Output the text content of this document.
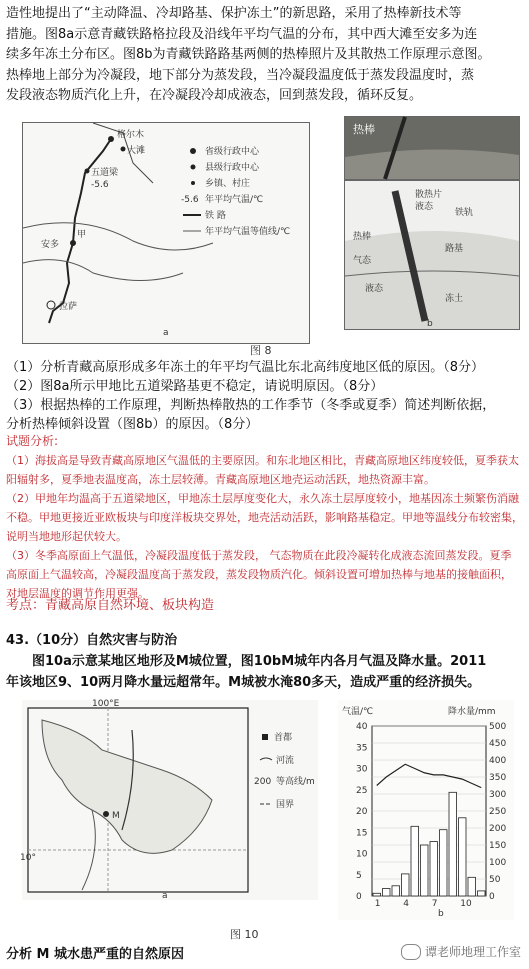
造性地提出了“主动降温、冷却路基、保护冻土”的新思路，采用了热棒新技术等
措施。图8a示意青藏铁路格拉段及沿线年平均气温的分布，其中西大滩至安多为连
续多年冻土分布区。图8b为青藏铁路路基两侧的热棒照片及其散热工作原理示意图。
热棒地上部分为冷凝段，地下部分为蒸发段，当冷凝段温度低于蒸发段温度时，蒸
发段液态物质汽化上升，在冷凝段冷却成液态，回到蒸发段，循环反复。
格尔木
大滩
五道梁
-5.6
甲
安多
拉萨
省级行政中心
县级行政中心
乡镇、村庄
-5.6 年平均气温/℃
铁 路
年平均气温等值线/℃
a
热棒
散热片
液态
铁轨
热棒
路基
气态
液态
冻土
b
图 8
（1）分析青藏高原形成多年冻土的年平均气温比东北高纬度地区低的原因。（8分）
（2）图8a所示甲地比五道梁路基更不稳定，请说明原因。（8分）
（3）根据热棒的工作原理，判断热棒散热的工作季节（冬季或夏季）简述判断依据，
分析热棒倾斜设置（图8b）的原因。（8分）
试题分析:
（1）海拔高是导致青藏高原地区气温低的主要原因。和东北地区相比，青藏高原地区纬度较低，夏季获太
阳辐射多，夏季地表温度高，冻土层较薄。青藏高原地区地壳运动活跃，地热资源丰富。
（2）甲地年均温高于五道梁地区，甲地冻土层厚度变化大，永久冻土层厚度较小，地基因冻土频繁伤消融
不稳。甲地更接近亚欧板块与印度洋板块交界处，地壳活动活跃，影响路基稳定。甲地等温线分布较密集，
说明当地地形起伏较大。
（3）冬季高原面上气温低，冷凝段温度低于蒸发段， 气态物质在此段冷凝转化成液态流回蒸发段。夏季
高原面上气温较高，冷凝段温度高于蒸发段，蒸发段物质汽化。倾斜设置可增加热棒与地基的接触面积，
对地层温度的调节作用更强。
考点：青藏高原自然环境、板块构造
43.（10分）自然灾害与防治
图10a示意某地区地形及M城位置，图10bM城年内各月气温及降水量。2011
年该地区9、10两月降水量远超常年。M城被水淹80多天，造成严重的经济损失。
M
100°E
10°
首都
河流
200 等高线/m
国界
a
气温/℃	降水量/mm
500
450
400
350
300
250
200
150
100
50
0
40
35
30
25
20
15
10
5
0
1	4	7	10
b
图 10
分析 M 城水患严重的自然原因	谭老师地理工作室
